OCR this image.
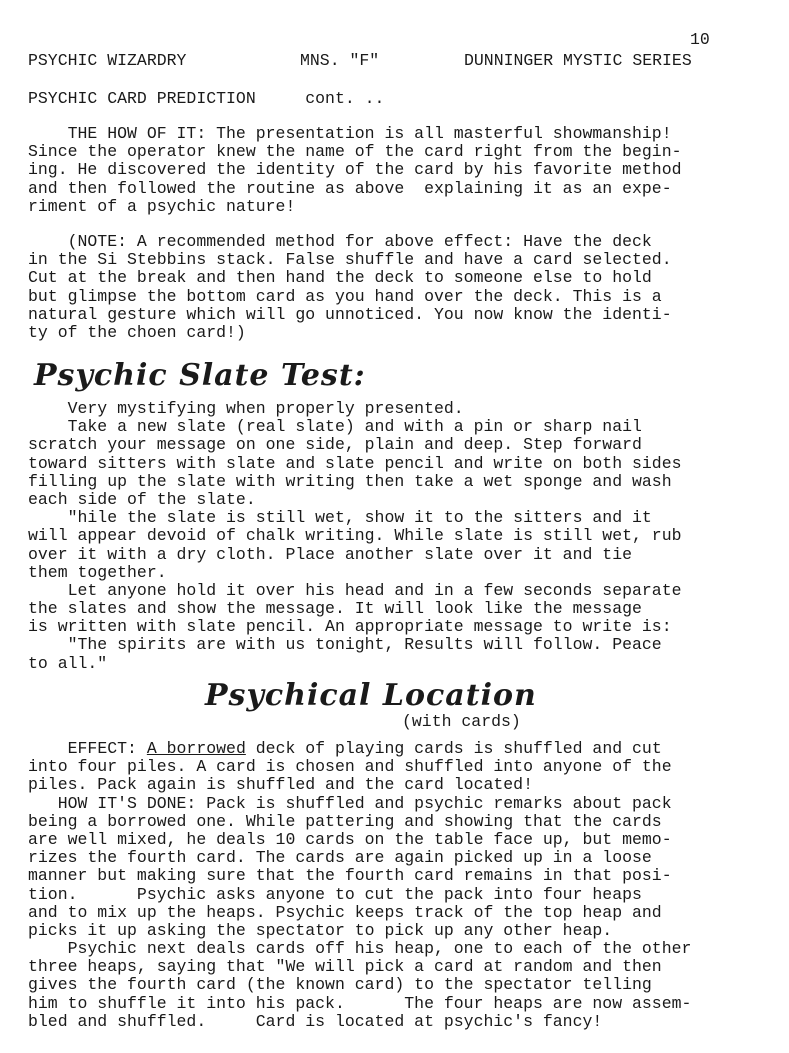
10
PSYCHIC WIZARDRY	MNS. "F"	DUNNINGER MYSTIC SERIES
PSYCHIC CARD PREDICTION     cont. ..
THE HOW OF IT: The presentation is all masterful showmanship!
Since the operator knew the name of the card right from the begin-
ing. He discovered the identity of the card by his favorite method
and then followed the routine as above  explaining it as an expe-
riment of a psychic nature!
(NOTE: A recommended method for above effect: Have the deck
in the Si Stebbins stack. False shuffle and have a card selected.
Cut at the break and then hand the deck to someone else to hold
but glimpse the bottom card as you hand over the deck. This is a
natural gesture which will go unnoticed. You now know the identi-
ty of the choen card!)
Psychic Slate Test:
Very mystifying when properly presented.
Take a new slate (real slate) and with a pin or sharp nail
scratch your message on one side, plain and deep. Step forward
toward sitters with slate and slate pencil and write on both sides
filling up the slate with writing then take a wet sponge and wash
each side of the slate.
"hile the slate is still wet, show it to the sitters and it
will appear devoid of chalk writing. While slate is still wet, rub
over it with a dry cloth. Place another slate over it and tie
them together.
Let anyone hold it over his head and in a few seconds separate
the slates and show the message. It will look like the message
is written with slate pencil. An appropriate message to write is:
"The spirits are with us tonight, Results will follow. Peace
to all."
Psychical Location
(with cards)
EFFECT: A borrowed deck of playing cards is shuffled and cut
into four piles. A card is chosen and shuffled into anyone of the
piles. Pack again is shuffled and the card located!
HOW IT'S DONE: Pack is shuffled and psychic remarks about pack
being a borrowed one. While pattering and showing that the cards
are well mixed, he deals 10 cards on the table face up, but memo-
rizes the fourth card. The cards are again picked up in a loose
manner but making sure that the fourth card remains in that posi-
tion.      Psychic asks anyone to cut the pack into four heaps
and to mix up the heaps. Psychic keeps track of the top heap and
picks it up asking the spectator to pick up any other heap.
Psychic next deals cards off his heap, one to each of the other
three heaps, saying that "We will pick a card at random and then
gives the fourth card (the known card) to the spectator telling
him to shuffle it into his pack.      The four heaps are now assem-
bled and shuffled.     Card is located at psychic's fancy!
